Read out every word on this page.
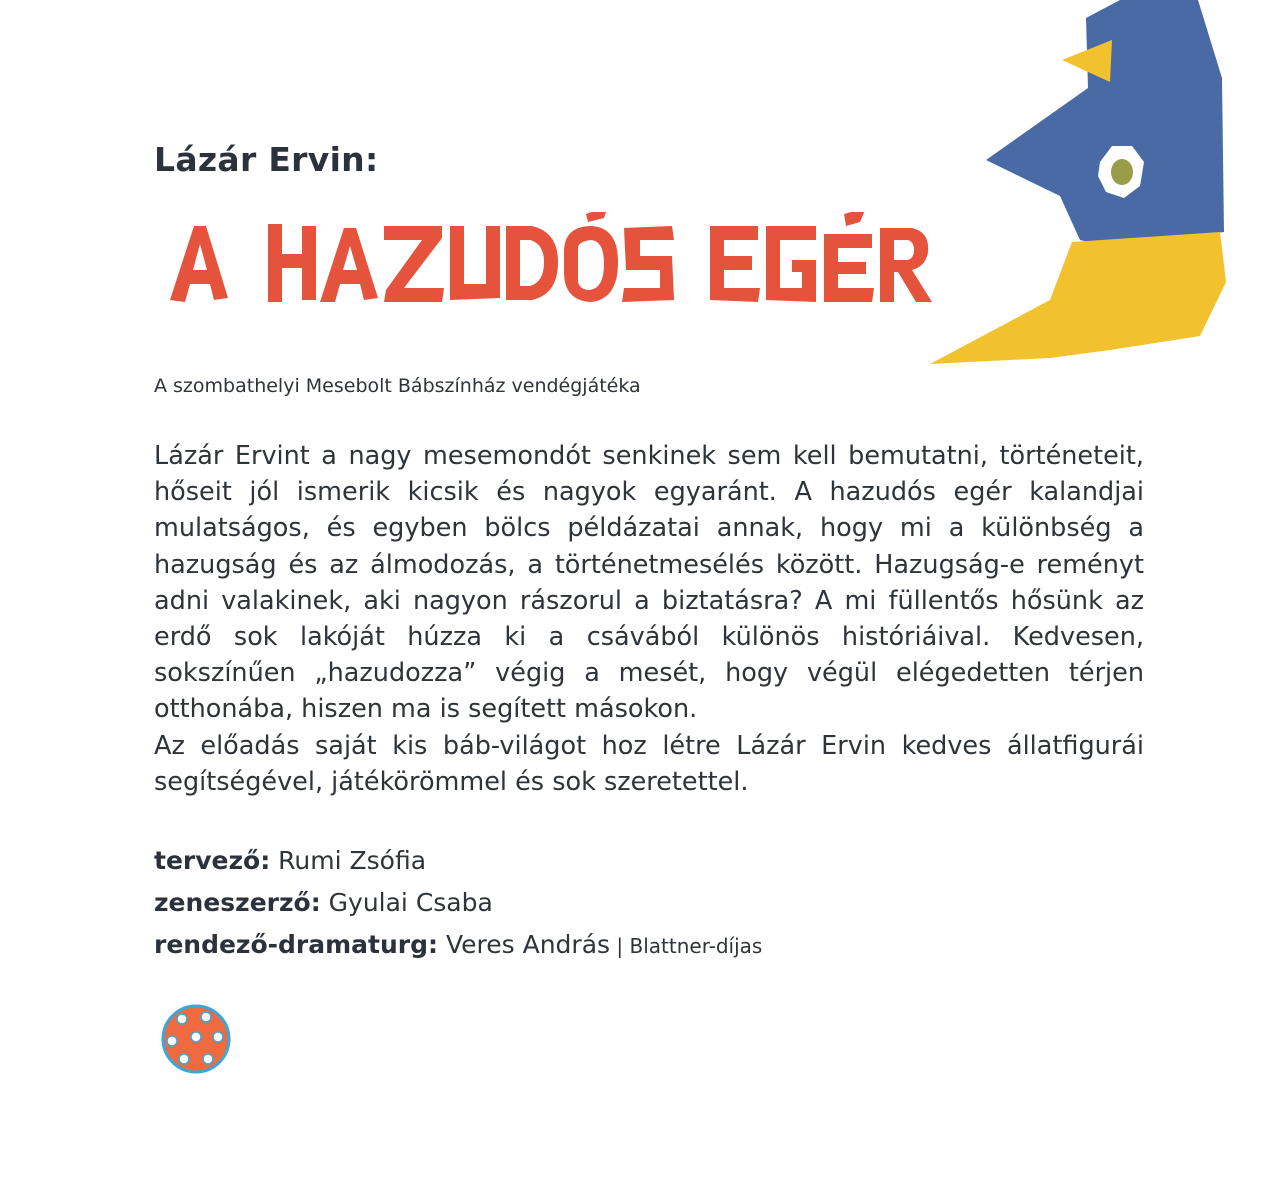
Lázár Ervin:
A szombathelyi Mesebolt Bábszínház vendégjátéka

Lázár Ervint a nagy mesemondót senkinek sem kell bemutatni, történeteit, hőseit jól ismerik kicsik és nagyok egyaránt. A hazudós egér kalandjai mulatságos, és egyben bölcs példázatai annak, hogy mi a különbség a hazugság és az álmodozás, a történetmesélés között. Hazugság-e reményt adni valakinek, aki nagyon rászorul a biztatásra? A mi füllentős hősünk az erdő sok lakóját húzza ki a csávából különös históriáival. Kedvesen, sokszínűen „hazudozza” végig a mesét, hogy végül elégedetten térjen otthonába, hiszen ma is segített másokon.

Az előadás saját kis báb-világot hoz létre Lázár Ervin kedves állatfigurái segítségével, játékörömmel és sok szeretettel.

tervező: Rumi Zsófia
zeneszerző: Gyulai Csaba
rendező-dramaturg: Veres András | Blattner-díjas
